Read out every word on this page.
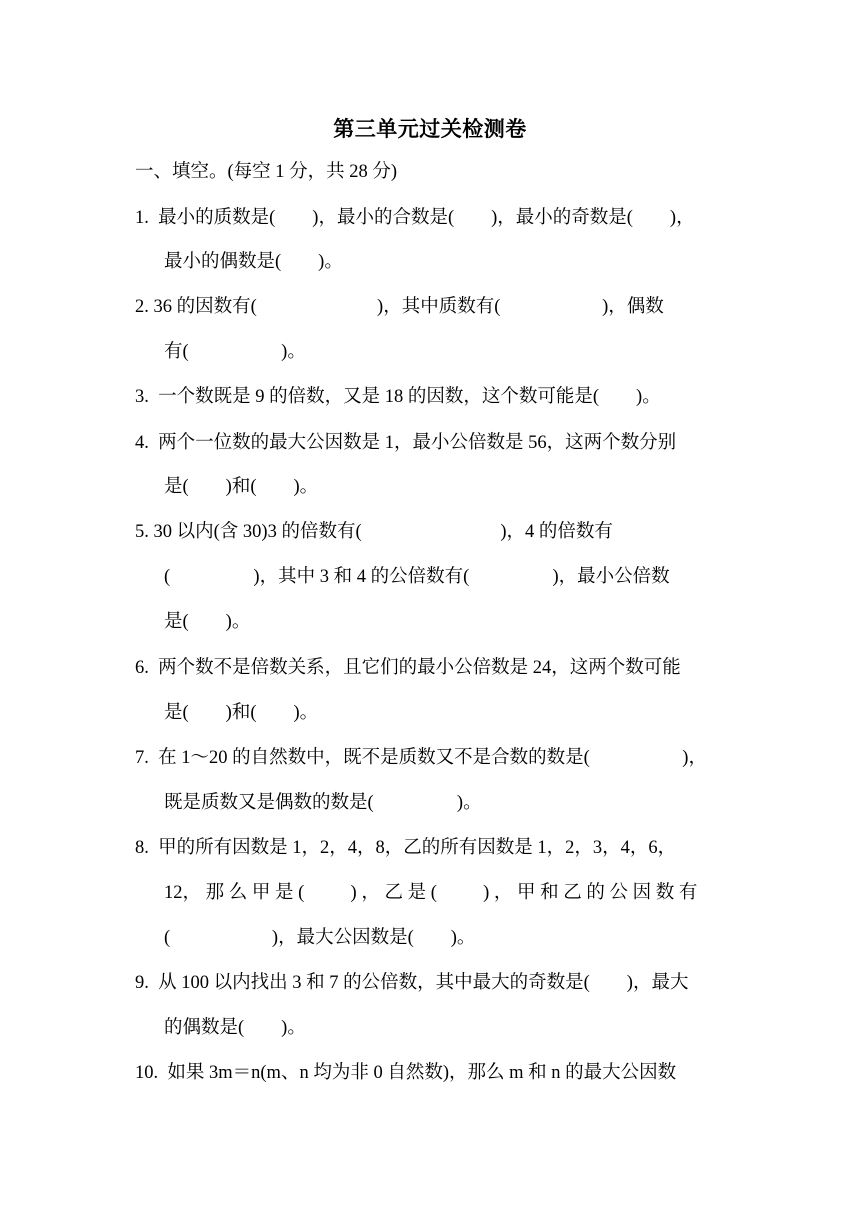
第三单元过关检测卷
一、填空。(每空 1 分，共 28 分)
1.  最小的质数是(        )，最小的合数是(        )，最小的奇数是(        )，
最小的偶数是(        )。
2. 36 的因数有(                          )，其中质数有(                      )，偶数
有(                    )。
3.  一个数既是 9 的倍数，又是 18 的因数，这个数可能是(        )。
4.  两个一位数的最大公因数是 1，最小公倍数是 56，这两个数分别
是(        )和(        )。
5. 30 以内(含 30)3 的倍数有(                              )，4 的倍数有
(                  )，其中 3 和 4 的公倍数有(                  )，最小公倍数
是(        )。
6.  两个数不是倍数关系，且它们的最小公倍数是 24，这两个数可能
是(        )和(        )。
7.  在 1～20 的自然数中，既不是质数又不是合数的数是(                    )，
既是质数又是偶数的数是(                  )。
8.  甲的所有因数是 1，2，4，8，乙的所有因数是 1，2，3，4，6，
12， 那 么 甲 是 (          ) ， 乙 是 (          ) ， 甲 和 乙 的 公 因 数 有
(                      )，最大公因数是(        )。
9.  从 100 以内找出 3 和 7 的公倍数，其中最大的奇数是(        )，最大
的偶数是(        )。
10.  如果 3m＝n(m、n 均为非 0 自然数)，那么 m 和 n 的最大公因数
